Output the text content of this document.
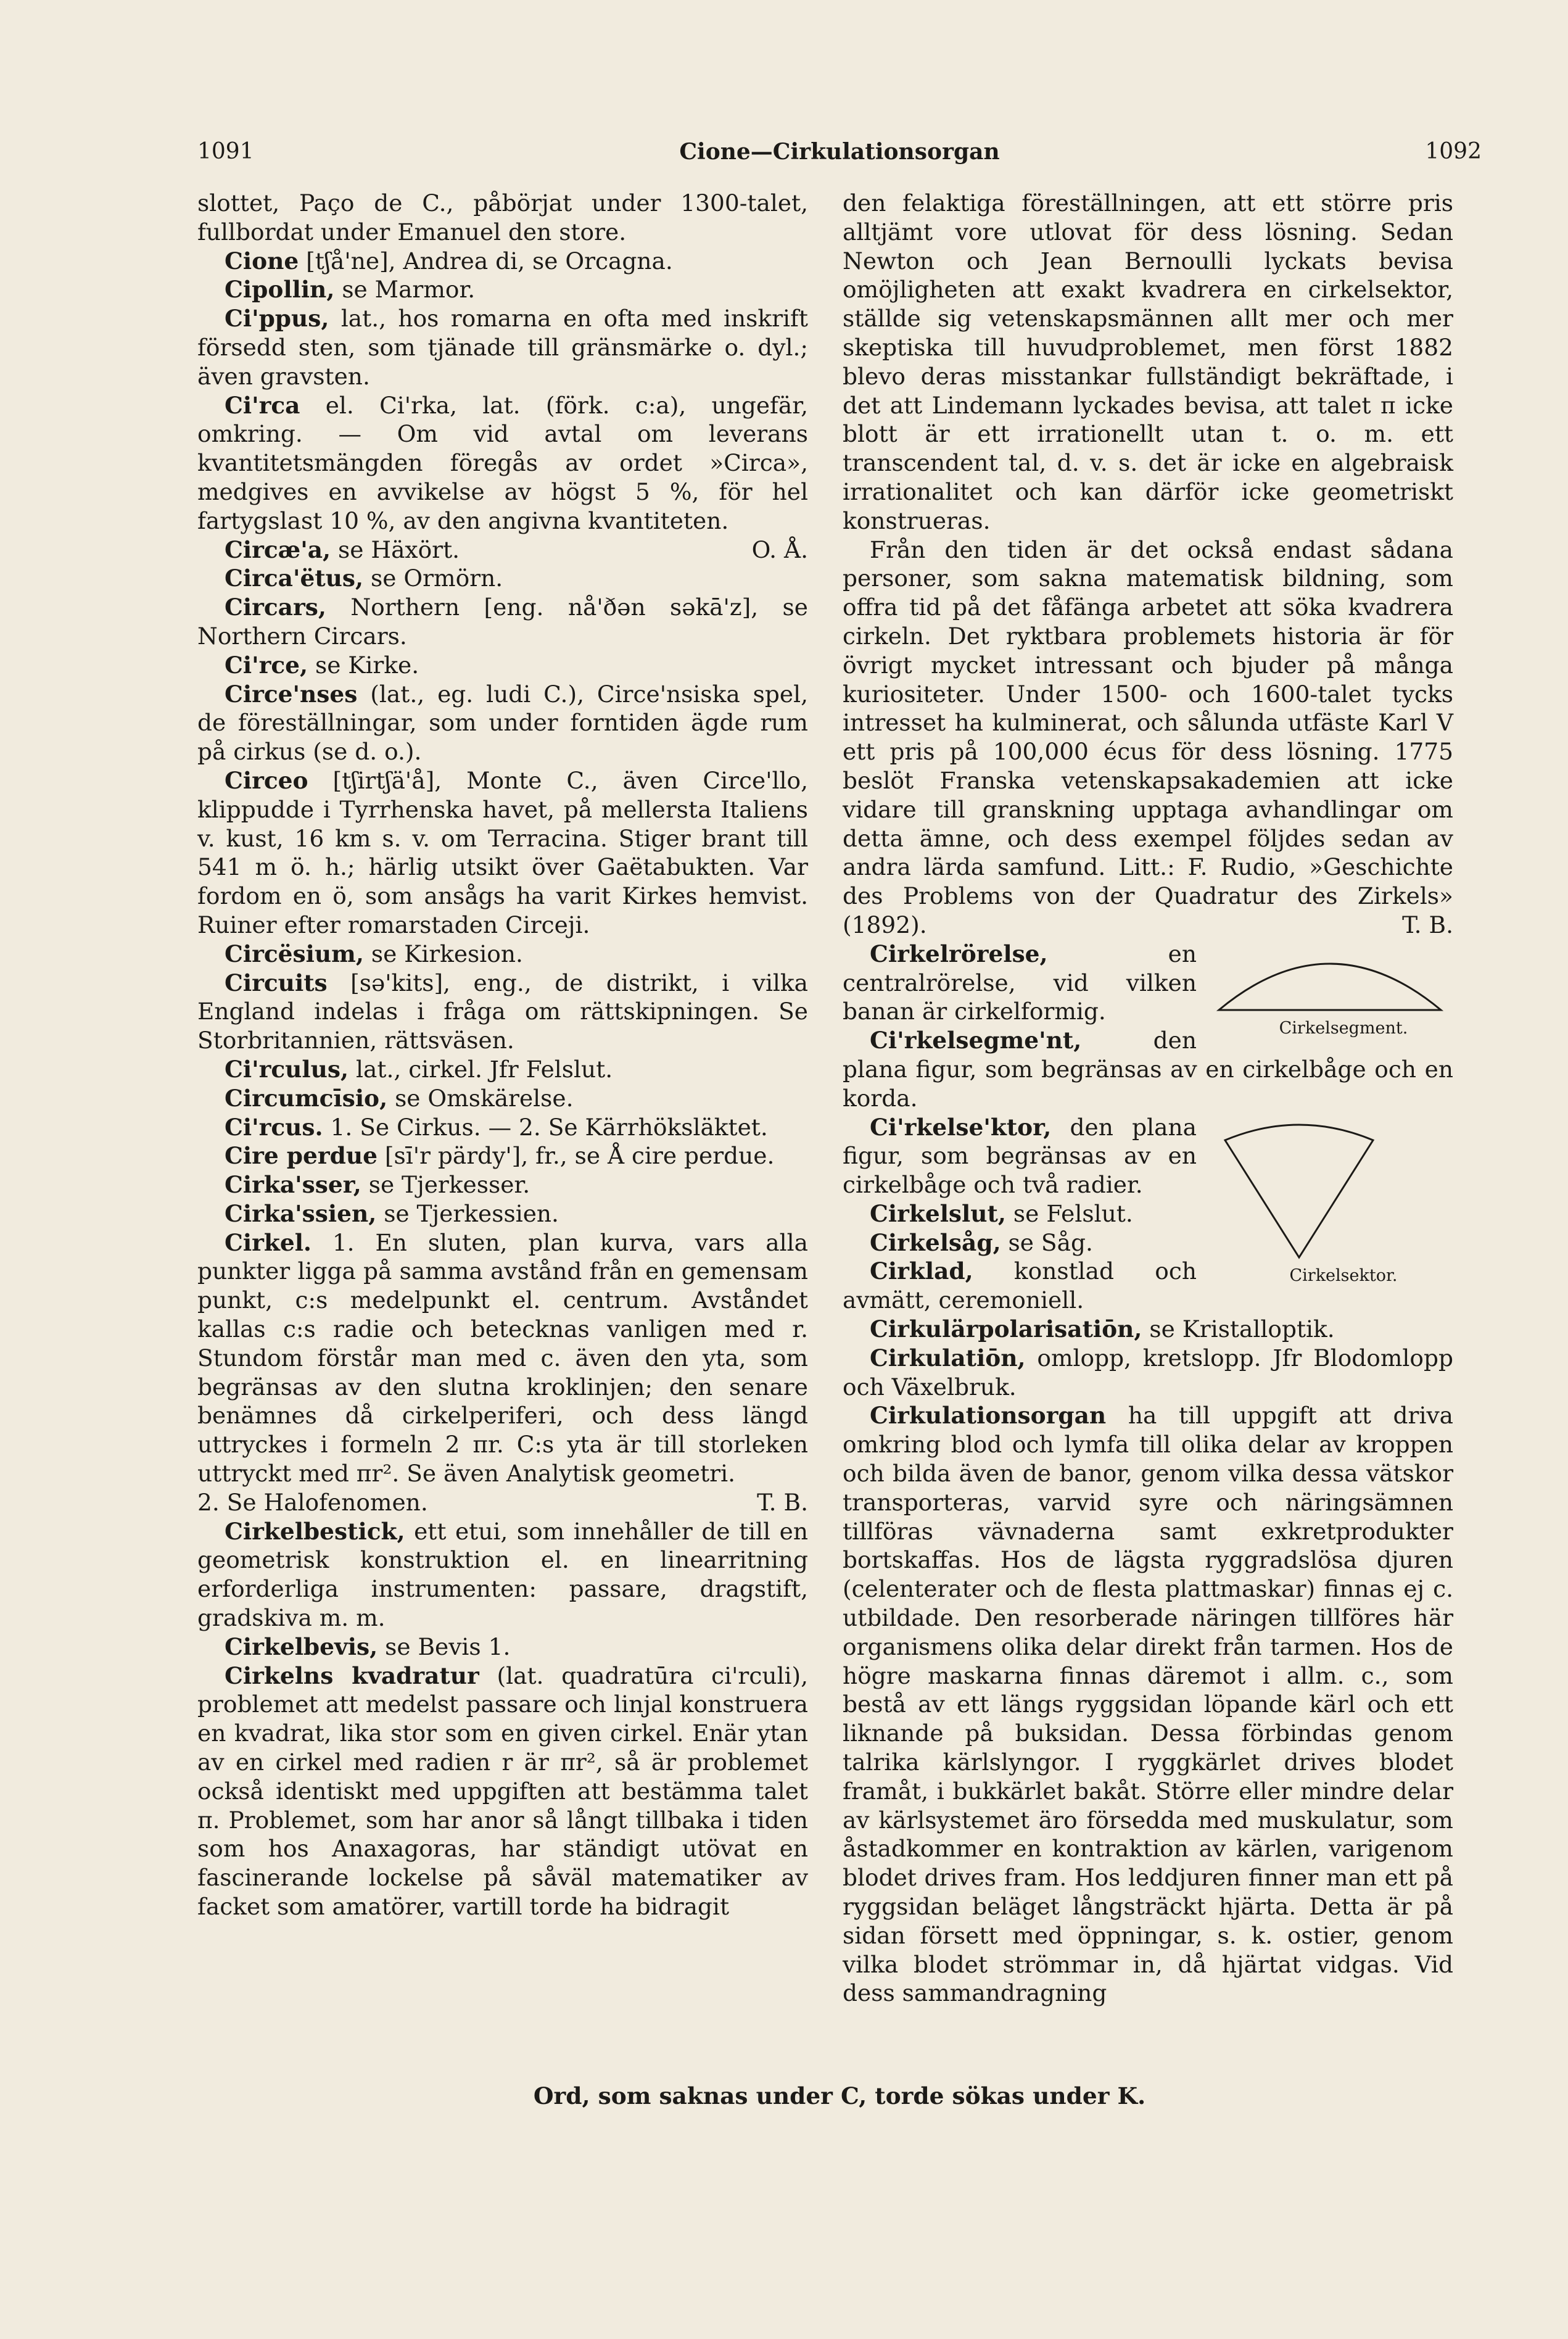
1091	Cione—Cirkulationsorgan	1092

slottet, Paço de C., påbörjat under 1300-talet, fullbordat under Emanuel den store.

Cione [tʃå'ne], Andrea di, se Orcagna.

Cipollin, se Marmor.

Ci'ppus, lat., hos romarna en ofta med inskrift försedd sten, som tjänade till gränsmärke o. dyl.; även gravsten.

Ci'rca el. Ci'rka, lat. (förk. c:a), ungefär, omkring. — Om vid avtal om leverans kvantitetsmängden föregås av ordet »Circa», medgives en avvikelse av högst 5 %, för hel fartygslast 10 %, av den angivna kvantiteten.
O. Å.

Circæ'a, se Häxört.

Circa'ëtus, se Ormörn.

Circars, Northern [eng. nå'ðən səkā'z], se Northern Circars.

Ci'rce, se Kirke.

Circe'nses (lat., eg. ludi C.), Circe'nsiska spel, de föreställningar, som under forntiden ägde rum på cirkus (se d. o.).

Circeo [tʃirtʃä'å], Monte C., även Circe'llo, klippudde i Tyrrhenska havet, på mellersta Italiens v. kust, 16 km s. v. om Terracina. Stiger brant till 541 m ö. h.; härlig utsikt över Gaëtabukten. Var fordom en ö, som ansågs ha varit Kirkes hemvist. Ruiner efter romarstaden Circeji.

Circësium, se Kirkesion.

Circuits [sə'kits], eng., de distrikt, i vilka England indelas i fråga om rättskipningen. Se Storbritannien, rättsväsen.

Ci'rculus, lat., cirkel. Jfr Felslut.

Circumcīsio, se Omskärelse.

Ci'rcus. 1. Se Cirkus. — 2. Se Kärrhöksläktet.

Cire perdue [sī'r pärdy'], fr., se Å cire perdue.

Cirka'sser, se Tjerkesser.

Cirka'ssien, se Tjerkessien.

Cirkel. 1. En sluten, plan kurva, vars alla punkter ligga på samma avstånd från en gemensam punkt, c:s medelpunkt el. centrum. Avståndet kallas c:s radie och betecknas vanligen med r. Stundom förstår man med c. även den yta, som begränsas av den slutna kroklinjen; den senare benämnes då cirkelperiferi, och dess längd uttryckes i formeln 2 πr. C:s yta är till storleken uttryckt med πr². Se även Analytisk geometri.
T. B.

2. Se Halofenomen.

Cirkelbestick, ett etui, som innehåller de till en geometrisk konstruktion el. en linearritning erforderliga instrumenten: passare, dragstift, gradskiva m. m.

Cirkelbevis, se Bevis 1.

Cirkelns kvadratur (lat. quadratūra ci'rculi), problemet att medelst passare och linjal konstruera en kvadrat, lika stor som en given cirkel. Enär ytan av en cirkel med radien r är πr², så är problemet också identiskt med uppgiften att bestämma talet π. Problemet, som har anor så långt tillbaka i tiden som hos Anaxagoras, har ständigt utövat en fascinerande lockelse på såväl matematiker av facket som amatörer, vartill torde ha bidragit

den felaktiga föreställningen, att ett större pris alltjämt vore utlovat för dess lösning. Sedan Newton och Jean Bernoulli lyckats bevisa omöjligheten att exakt kvadrera en cirkelsektor, ställde sig vetenskapsmännen allt mer och mer skeptiska till huvudproblemet, men först 1882 blevo deras misstankar fullständigt bekräftade, i det att Lindemann lyckades bevisa, att talet π icke blott är ett irrationellt utan t. o. m. ett transcendent tal, d. v. s. det är icke en algebraisk irrationalitet och kan därför icke geometriskt konstrueras.

Från den tiden är det också endast sådana personer, som sakna matematisk bildning, som offra tid på det fåfänga arbetet att söka kvadrera cirkeln. Det ryktbara problemets historia är för övrigt mycket intressant och bjuder på många kuriositeter. Under 1500- och 1600-talet tycks intresset ha kulminerat, och sålunda utfäste Karl V ett pris på 100,000 écus för dess lösning. 1775 beslöt Franska vetenskapsakademien att icke vidare till granskning upptaga avhandlingar om detta ämne, och dess exempel följdes sedan av andra lärda samfund. Litt.: F. Rudio, »Geschichte des Problems von der Quadratur des Zirkels» (1892).	T. B.

Cirkelsegment.
Cirkelrörelse,	en centralrörelse, vid vilken banan är cirkelformig.

Ci'rkelsegme'nt,	den plana figur, som begränsas av en cirkelbåge och en korda.

Cirkelsektor.
Ci'rkelse'ktor, den plana figur, som begränsas av en cirkelbåge och två radier.

Cirkelslut, se Felslut.

Cirkelsåg, se Såg.

Cirklad, konstlad och avmätt, ceremoniell.

Cirkulärpolarisatiōn, se Kristalloptik.

Cirkulatiōn, omlopp, kretslopp. Jfr Blodomlopp och Växelbruk.

Cirkulationsorgan ha till uppgift att driva omkring blod och lymfa till olika delar av kroppen och bilda även de banor, genom vilka dessa vätskor transporteras, varvid syre och näringsämnen tillföras vävnaderna samt exkretprodukter bortskaffas. Hos de lägsta ryggradslösa djuren (celenterater och de flesta plattmaskar) finnas ej c. utbildade. Den resorberade näringen tillföres här organismens olika delar direkt från tarmen. Hos de högre maskarna finnas däremot i allm. c., som bestå av ett längs ryggsidan löpande kärl och ett liknande på buksidan. Dessa förbindas genom talrika kärlslyngor. I ryggkärlet drives blodet framåt, i bukkärlet bakåt. Större eller mindre delar av kärlsystemet äro försedda med muskulatur, som åstadkommer en kontraktion av kärlen, varigenom blodet drives fram. Hos leddjuren finner man ett på ryggsidan beläget långsträckt hjärta. Detta är på sidan försett med öppningar, s. k. ostier, genom vilka blodet strömmar in, då hjärtat vidgas. Vid dess sammandragning

Ord, som saknas under C, torde sökas under K.
